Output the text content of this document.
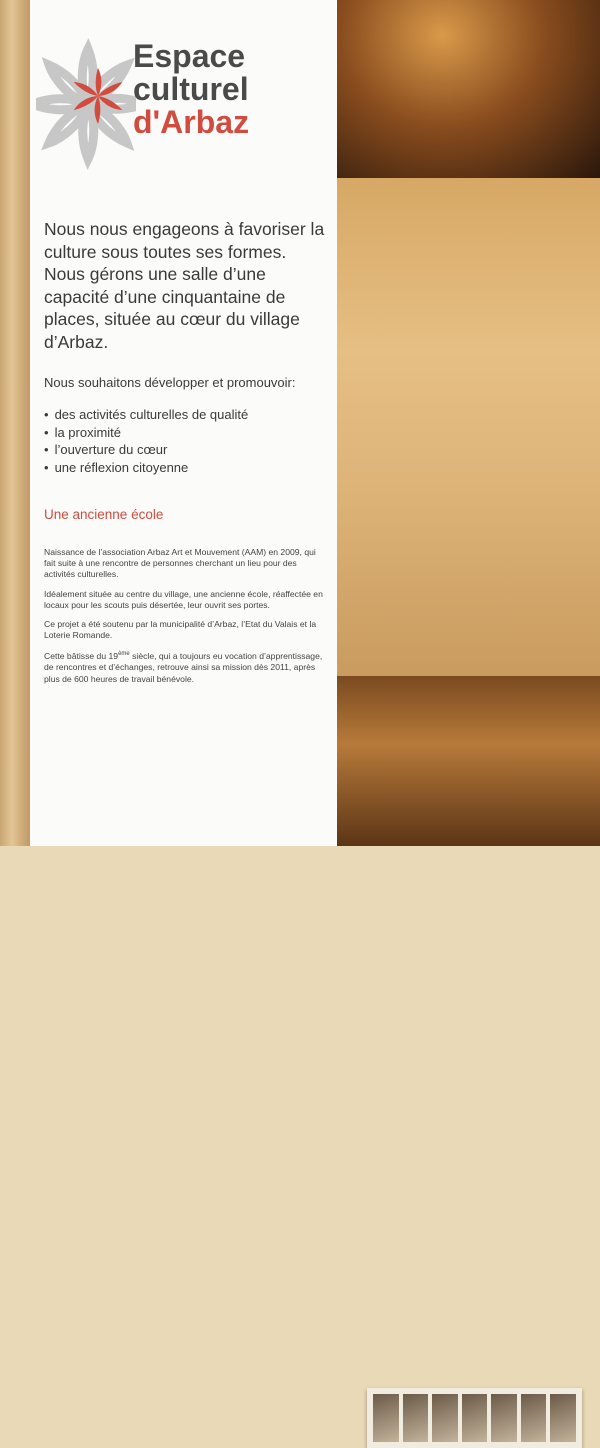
Espace
culturel
d'Arbaz

Nous nous engageons à favoriser la culture sous toutes ses formes. Nous gérons une salle d’une capacité d’une cinquantaine de places, située au cœur du village d’Arbaz.

Nous souhaitons développer et promouvoir:

• des activités culturelles de qualité
• la proximité
• l’ouverture du cœur
• une réflexion citoyenne
Une ancienne école

Naissance de l’association Arbaz Art et Mouvement (AAM) en 2009, qui fait suite à une rencontre de personnes cherchant un lieu pour des activités culturelles.

Idéalement située au centre du village, une ancienne école, réaffectée en locaux pour les scouts puis désertée, leur ouvrit ses portes.

Ce projet a été soutenu par la municipalité d’Arbaz, l’Etat du Valais et la Loterie Romande.

Cette bâtisse du 19ème siècle, qui a toujours eu vocation d’apprentissage, de rencontres et d’échanges, retrouve ainsi sa mission dès 2011, après plus de 600 heures de travail bénévole.
